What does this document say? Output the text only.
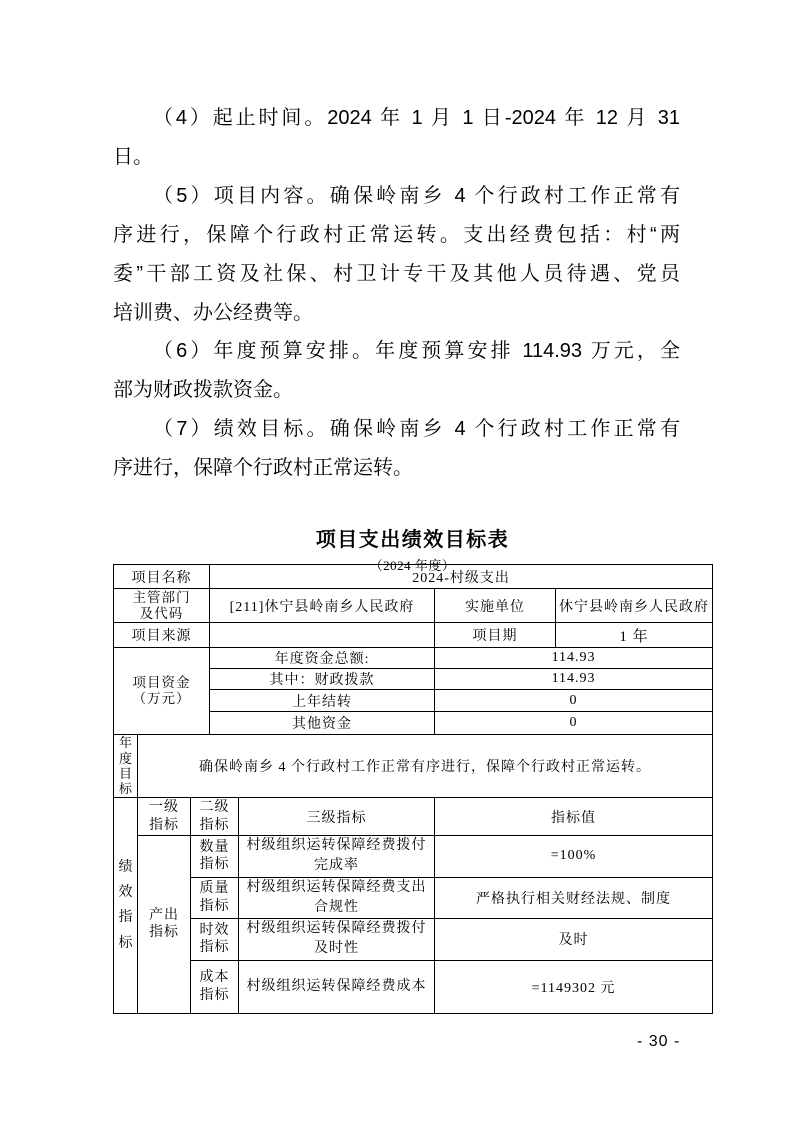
（4）起止时间。2024 年 1 月 1 日-2024 年 12 月 31
日。
（5）项目内容。确保岭南乡 4 个行政村工作正常有
序进行，保障个行政村正常运转。支出经费包括：村“两
委”干部工资及社保、村卫计专干及其他人员待遇、党员
培训费、办公经费等。
（6）年度预算安排。年度预算安排 114.93 万元，全
部为财政拨款资金。
（7）绩效目标。确保岭南乡 4 个行政村工作正常有
序进行，保障个行政村正常运转。
项目支出绩效目标表
（2024 年度）
项目名称			2024-村级支出			

主管部门
及代码			[211]休宁县岭南乡人民政府		实施单位	休宁县岭南乡人民政府
项目来源					项目期	1 年

项目资金
（万元）			年度资金总额:		114.93	
			其中：财政拨款		114.93	
			上年结转		0	
			其他资金		0	

年度目标	确保岭南乡 4 个行政村工作正常有序进行，保障个行政村正常运转。					

绩效指标	一级指标	二级指标		三级指标	指标值	
	产出指标	数量指标		村级组织运转保障经费拨付完成率	=100%	
		质量指标		村级组织运转保障经费支出合规性	严格执行相关财经法规、制度	
		时效指标		村级组织运转保障经费拨付及时性	及时	
		成本指标		村级组织运转保障经费成本	=1149302 元	
- 30 -
